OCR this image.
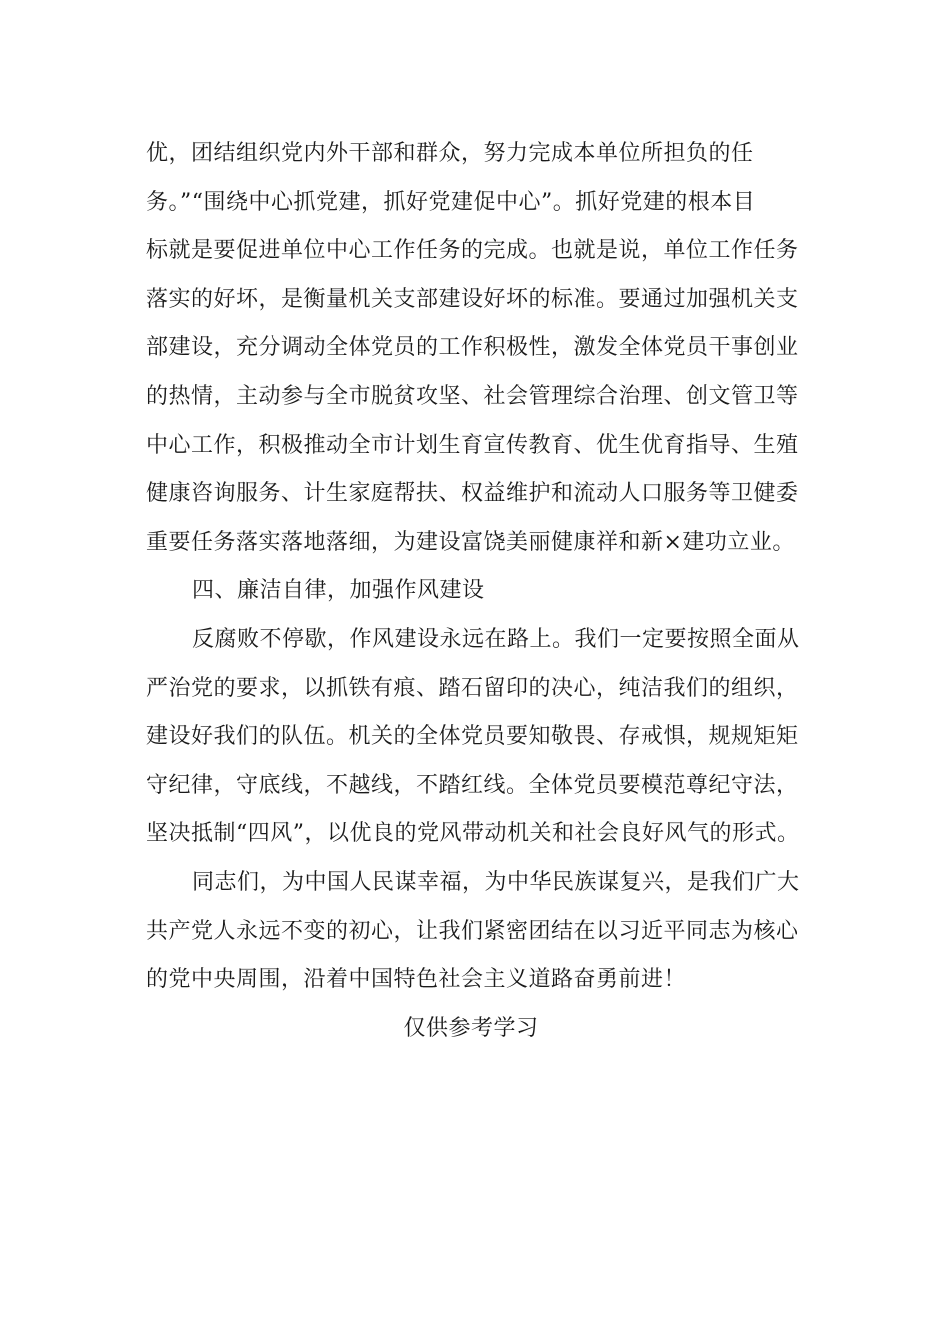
优，团结组织党内外干部和群众，努力完成本单位所担负的任
务。”“围绕中心抓党建，抓好党建促中心”。抓好党建的根本目
标就是要促进单位中心工作任务的完成。也就是说，单位工作任务
落实的好坏，是衡量机关支部建设好坏的标准。要通过加强机关支
部建设，充分调动全体党员的工作积极性，激发全体党员干事创业
的热情，主动参与全市脱贫攻坚、社会管理综合治理、创文管卫等
中心工作，积极推动全市计划生育宣传教育、优生优育指导、生殖
健康咨询服务、计生家庭帮扶、权益维护和流动人口服务等卫健委
重要任务落实落地落细，为建设富饶美丽健康祥和新×建功立业。
四、廉洁自律，加强作风建设
反腐败不停歇，作风建设永远在路上。我们一定要按照全面从
严治党的要求，以抓铁有痕、踏石留印的决心，纯洁我们的组织，
建设好我们的队伍。机关的全体党员要知敬畏、存戒惧，规规矩矩
守纪律，守底线，不越线，不踏红线。全体党员要模范尊纪守法，
坚决抵制“四风”，以优良的党风带动机关和社会良好风气的形式。
同志们，为中国人民谋幸福，为中华民族谋复兴，是我们广大
共产党人永远不变的初心，让我们紧密团结在以习近平同志为核心
的党中央周围，沿着中国特色社会主义道路奋勇前进！
仅供参考学习
